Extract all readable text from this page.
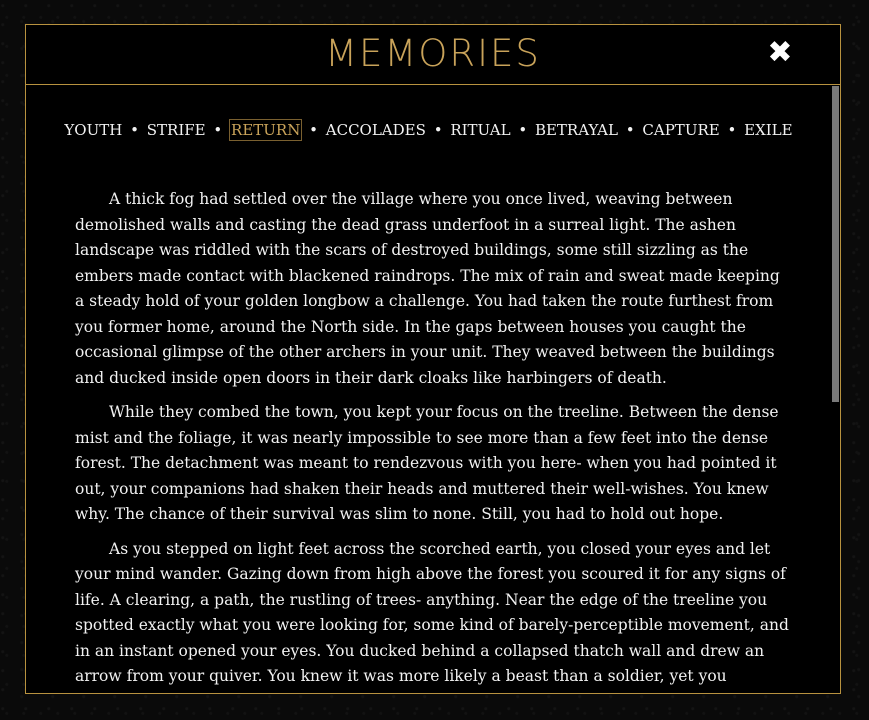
MEMORIES	✖
YOUTH • STRIFE • RETURN • ACCOLADES • RITUAL • BETRAYAL • CAPTURE • EXILE

A thick fog had settled over the village where you once lived, weaving between demolished walls and casting the dead grass underfoot in a surreal light. The ashen landscape was riddled with the scars of destroyed buildings, some still sizzling as the embers made contact with blackened raindrops. The mix of rain and sweat made keeping a steady hold of your golden longbow a challenge. You had taken the route furthest from you former home, around the North side. In the gaps between houses you caught the occasional glimpse of the other archers in your unit. They weaved between the buildings and ducked inside open doors in their dark cloaks like harbingers of death.

While they combed the town, you kept your focus on the treeline. Between the dense mist and the foliage, it was nearly impossible to see more than a few feet into the dense forest. The detachment was meant to rendezvous with you here- when you had pointed it out, your companions had shaken their heads and muttered their well-wishes. You knew why. The chance of their survival was slim to none. Still, you had to hold out hope.

As you stepped on light feet across the scorched earth, you closed your eyes and let your mind wander. Gazing down from high above the forest you scoured it for any signs of life. A clearing, a path, the rustling of trees- anything. Near the edge of the treeline you spotted exactly what you were looking for, some kind of barely-perceptible movement, and in an instant opened your eyes. You ducked behind a collapsed thatch wall and drew an arrow from your quiver. You knew it was more likely a beast than a soldier, yet you
